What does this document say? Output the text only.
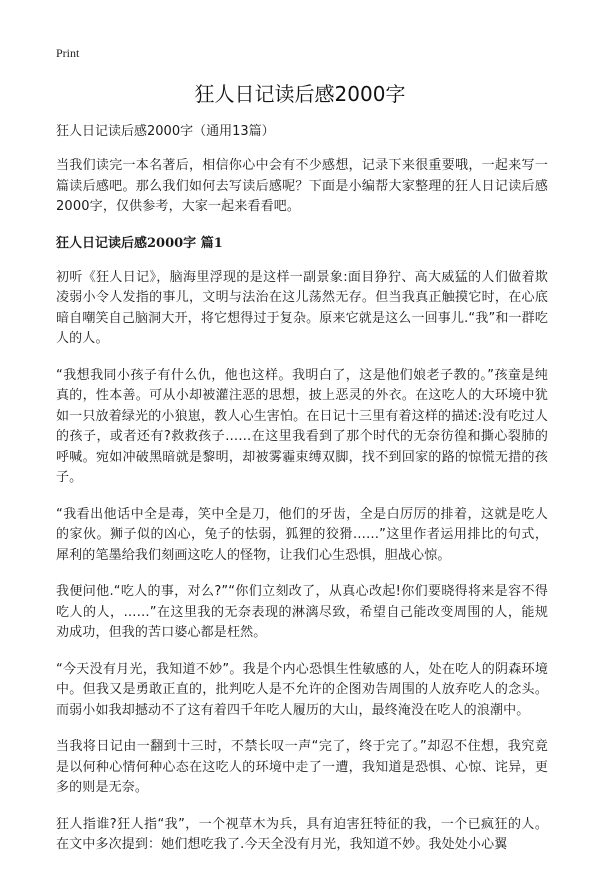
Print
狂人日记读后感2000字

狂人日记读后感2000字（通用13篇）

当我们读完一本名著后，相信你心中会有不少感想，记录下来很重要哦，一起来写一篇读后感吧。那么我们如何去写读后感呢？下面是小编帮大家整理的狂人日记读后感2000字，仅供参考，大家一起来看看吧。

狂人日记读后感2000字 篇1

初听《狂人日记》，脑海里浮现的是这样一副景象:面目狰狞、高大威猛的人们做着欺凌弱小令人发指的事儿，文明与法治在这儿荡然无存。但当我真正触摸它时，在心底暗自嘲笑自己脑洞大开，将它想得过于复杂。原来它就是这么一回事儿.“我”和一群吃人的人。

“我想我同小孩子有什么仇，他也这样。我明白了，这是他们娘老子教的。”孩童是纯真的，性本善。可从小却被灌注恶的思想，披上恶灵的外衣。在这吃人的大环境中犹如一只放着绿光的小狼崽，教人心生害怕。在日记十三里有着这样的描述:没有吃过人的孩子，或者还有?救救孩子……在这里我看到了那个时代的无奈彷徨和撕心裂肺的呼喊。宛如冲破黑暗就是黎明，却被雾霾束缚双脚，找不到回家的路的惊慌无措的孩子。

“我看出他话中全是毒，笑中全是刀，他们的牙齿，全是白厉厉的排着，这就是吃人的家伙。狮子似的凶心，兔子的怯弱，狐狸的狡猾……”这里作者运用排比的句式，犀利的笔墨给我们刻画这吃人的怪物，让我们心生恐惧，胆战心惊。

我便问他.“吃人的事，对么?”“你们立刻改了，从真心改起!你们要晓得将来是容不得吃人的人，……”在这里我的无奈表现的淋漓尽致，希望自己能改变周围的人，能规劝成功，但我的苦口婆心都是枉然。

“今天没有月光，我知道不妙”。我是个内心恐惧生性敏感的人，处在吃人的阴森环境中。但我又是勇敢正直的，批判吃人是不允许的企图劝告周围的人放弃吃人的念头。而弱小如我却撼动不了这有着四千年吃人履历的大山，最终淹没在吃人的浪潮中。

当我将日记由一翻到十三时，不禁长叹一声“完了，终于完了。”却忍不住想，我究竟是以何种心情何种心态在这吃人的环境中走了一遭，我知道是恐惧、心惊、诧异，更多的则是无奈。

狂人指谁?狂人指“我”，一个视草木为兵，具有迫害狂特征的我，一个已疯狂的人。在文中多次提到：她们想吃我了.今天全没有月光，我知道不妙。我处处小心翼
